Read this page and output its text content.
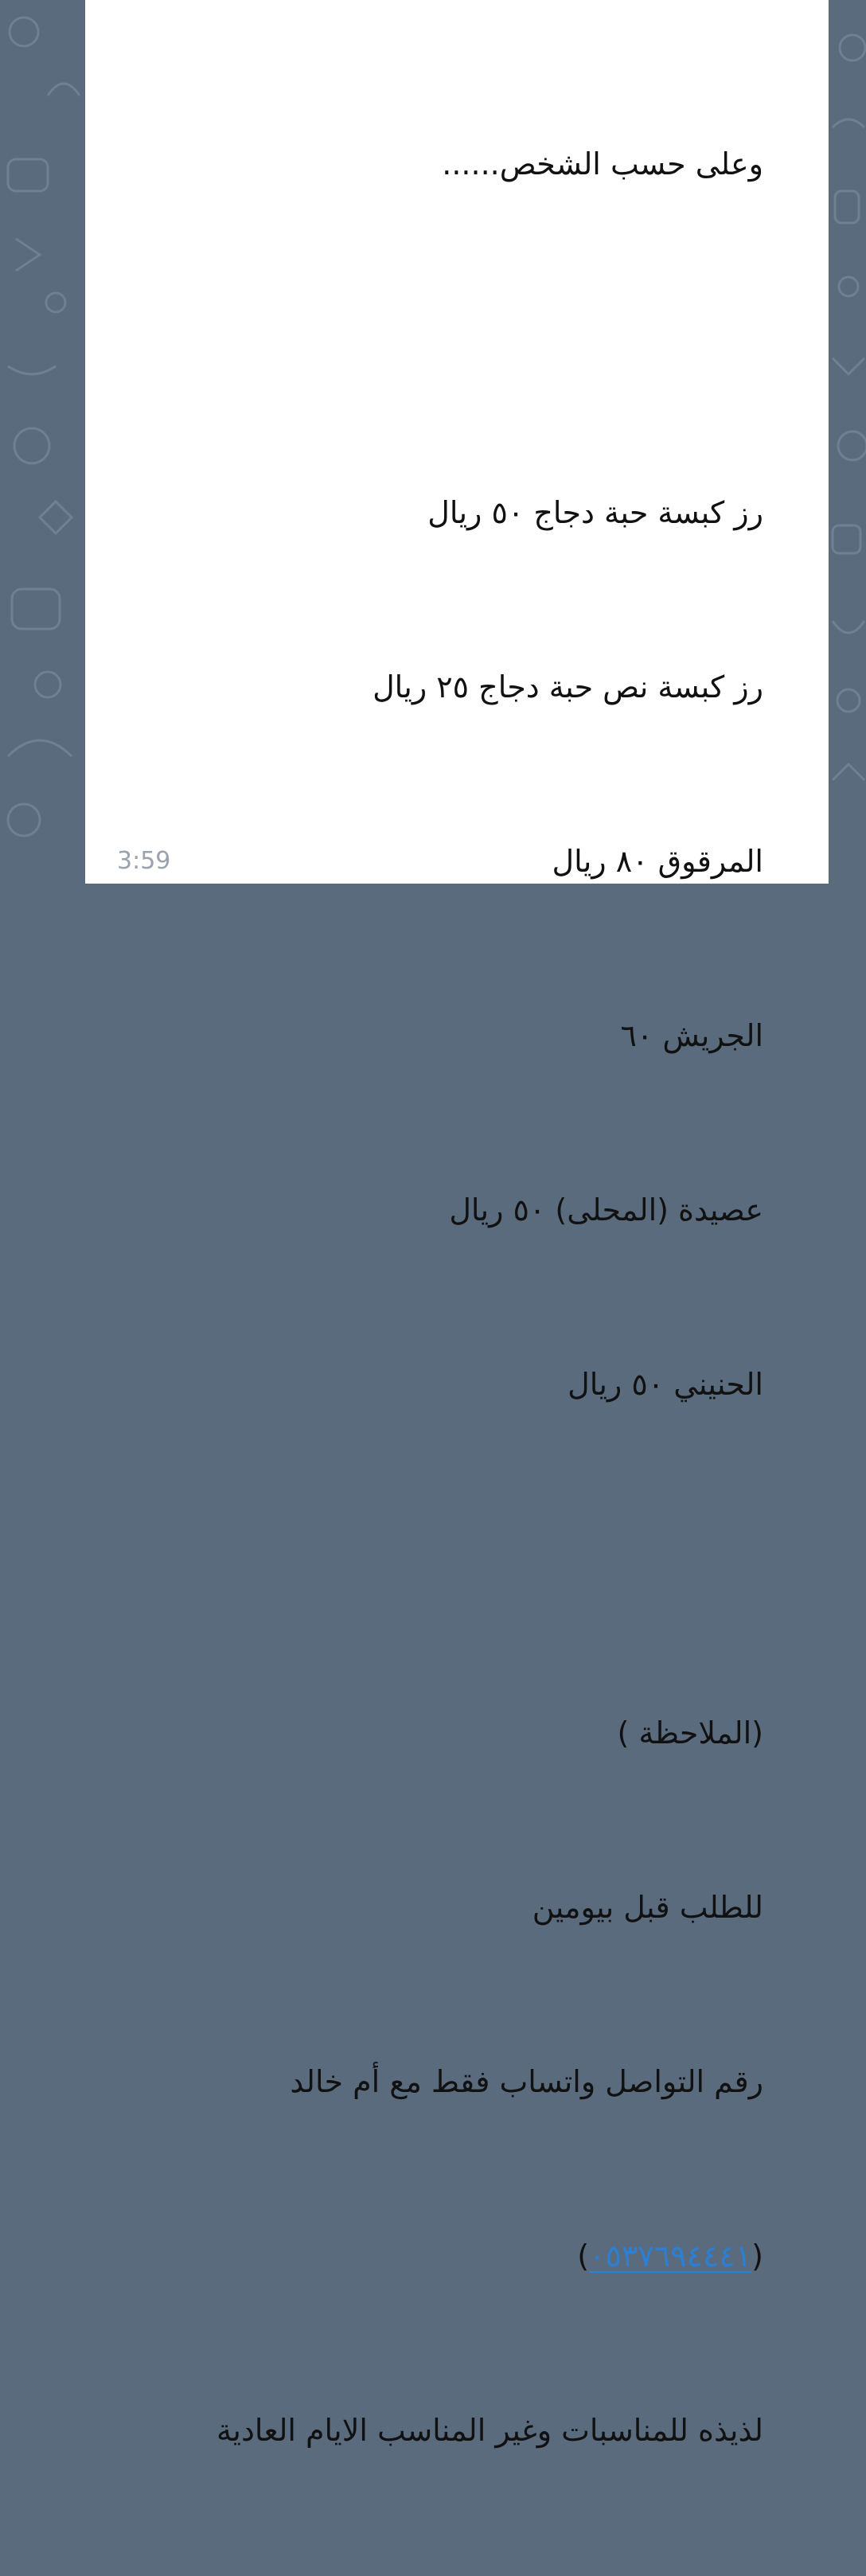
وعلى حسب الشخص......

رز كبسة حبة دجاج ٥٠ ريال

رز كبسة نص حبة دجاج ٢٥ ريال

المرقوق ٨٠ ريال

الجريش ٦٠

عصيدة (المحلى) ٥٠ ريال

الحنيني ٥٠ ريال

(الملاحظة )

للطلب قبل بيومين

رقم التواصل واتساب فقط مع أم خالد

(٠٥٣٧٦٩٤٤٤١)

لذيذه للمناسبات وغير المناسب الايام العادية

3:59
